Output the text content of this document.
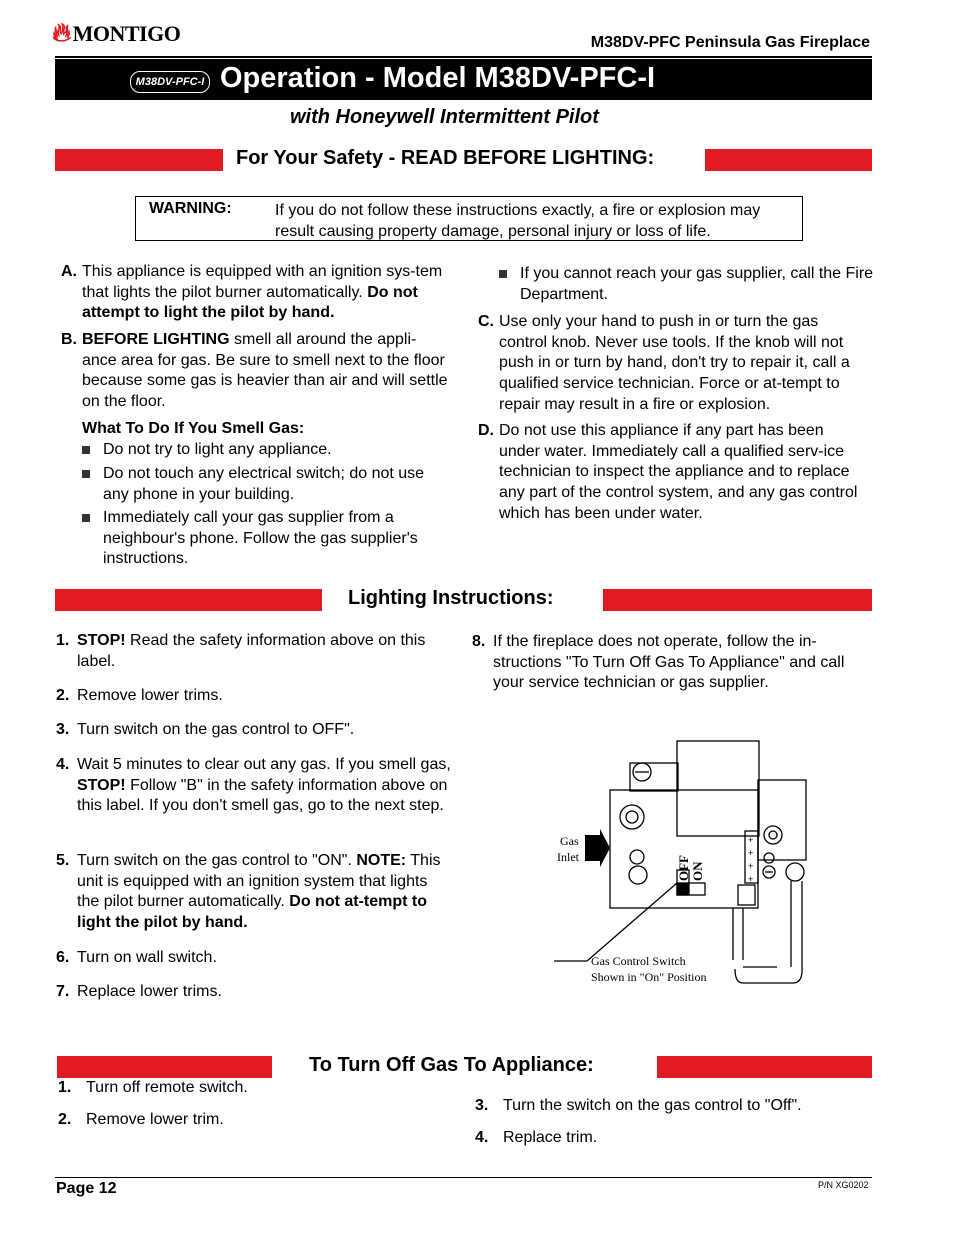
🔥︎MONTIGO	M38DV-PFC Peninsula Gas Fireplace
M38DV-PFC-I Operation - Model M38DV-PFC-I
with Honeywell Intermittent Pilot
For Your Safety - READ BEFORE LIGHTING:
WARNING:	If you do not follow these instructions exactly, a fire or explosion may result causing property damage, personal injury or loss of life.
A. This appliance is equipped with an ignition sys-tem that lights the pilot burner automatically. Do not attempt to light the pilot by hand.
B. BEFORE LIGHTING smell all around the appli-ance area for gas. Be sure to smell next to the floor because some gas is heavier than air and will settle on the floor.
What To Do If You Smell Gas:
Do not try to light any appliance.
Do not touch any electrical switch; do not use any phone in your building.
Immediately call your gas supplier from a neighbour's phone. Follow the gas supplier's instructions.
If you cannot reach your gas supplier, call the Fire Department.
C. Use only your hand to push in or turn the gas control knob. Never use tools. If the knob will not push in or turn by hand, don't try to repair it, call a qualified service technician. Force or at-tempt to repair may result in a fire or explosion.
D. Do not use this appliance if any part has been under water. Immediately call a qualified serv-ice technician to inspect the appliance and to replace any part of the control system, and any gas control which has been under water.
Lighting Instructions:
1. STOP! Read the safety information above on this label.
2. Remove lower trims.
3. Turn switch on the gas control to OFF".
4. Wait 5 minutes to clear out any gas. If you smell gas, STOP! Follow "B" in the safety information above on this label. If you don't smell gas, go to the next step.
5. Turn switch on the gas control to "ON". NOTE: This unit is equipped with an ignition system that lights the pilot burner automatically. Do not at-tempt to light the pilot by hand.
6. Turn on wall switch.
7. Replace lower trims.
8. If the fireplace does not operate, follow the in-structions "To Turn Off Gas To Appliance" and call your service technician or gas supplier.
+
+
+
+
Gas
Inlet	OFF ON
Gas Control Switch
Shown in "On" Position
To Turn Off Gas To Appliance:
1. Turn off remote switch.
2. Remove lower trim.
3. Turn the switch on the gas control to "Off".
4. Replace trim.
Page 12	P/N XG0202
